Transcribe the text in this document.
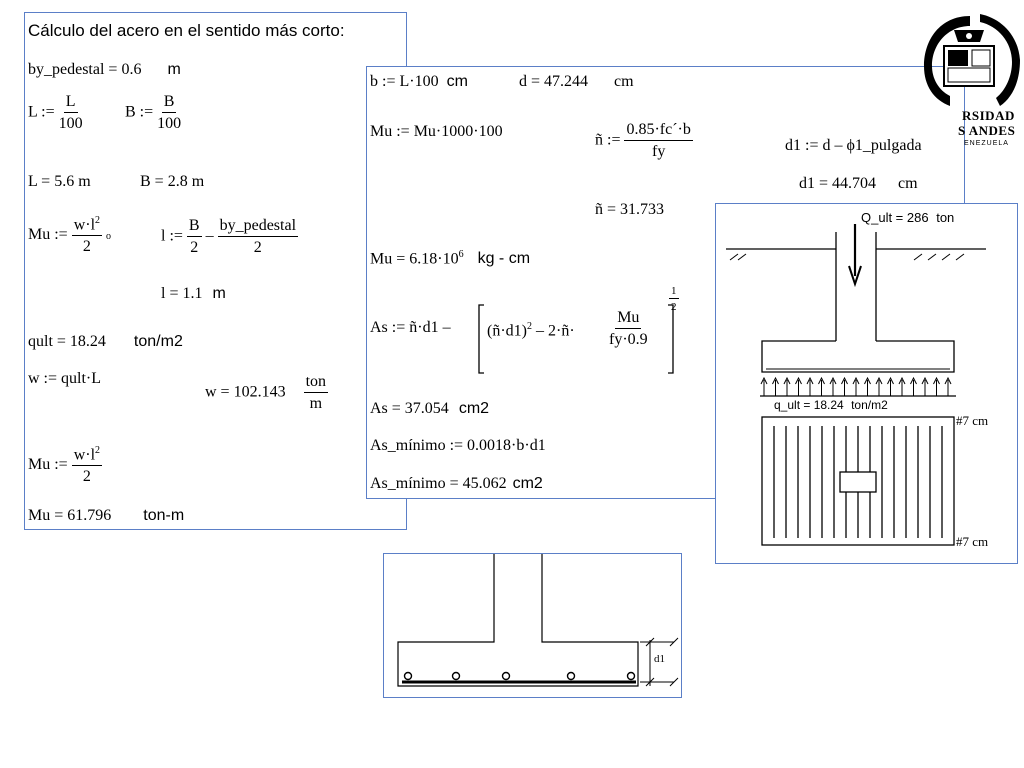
Cálculo del acero en el sentido más corto:
by_pedestal = 0.6 m
L := $\frac{L}{100}$	B := $\frac{B}{100}$
L = 5.6 m	B = 2.8 m
Mu := $\frac{w\cdot l^2}{2}$ o	l := $\frac{B}{2} - \frac{\text{by\_pedestal}}{2}$
l = 1.1 m
qult = 18.24 ton/m2
w := qult·L
$w = 102.143 \frac{\text{ton}}{m}$
Mu := $\frac{w\cdot l^2}{2}$
Mu = 61.796 ton-m
b := L·100 cm	d = 47.244 cm
Mu := Mu·1000·100	ñ := $\frac{0.85\cdot fc´\cdot b}{fy}$	d1 := d – ϕ1_pulgada
d1 = 44.704 cm
ñ = 31.733
$Mu = 6.18\cdot 10^6$ kg - cm
As := ñ·d1 – (ñ·d1)$^2$ – 2·ñ· $\frac{Mu}{fy\cdot 0.9}$
$\frac{1}{2}$
As = 37.054 cm2
As_mínimo := 0.0018·b·d1
As_mínimo = 45.062 cm2
Q_ult = 286 ton
q_ult = 18.24 ton/m2
#7 cm
#7 cm
d1
RSIDAD
S ANDES
ENEZUELA
